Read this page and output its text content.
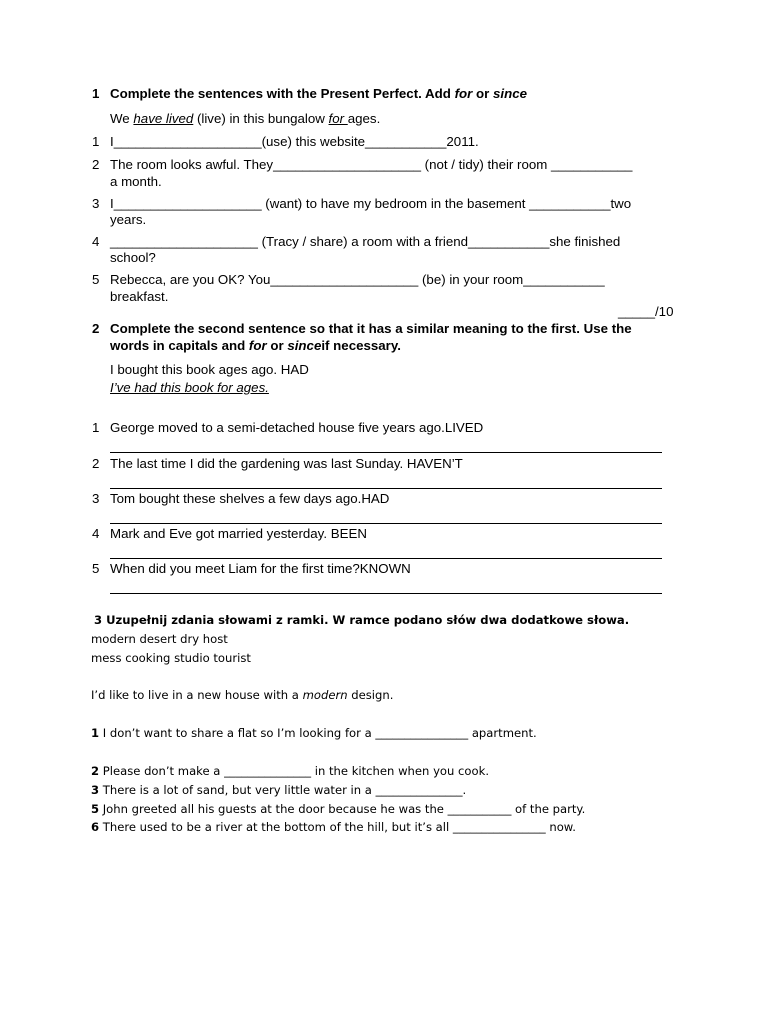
1 Complete the sentences with the Present Perfect. Add for or since
We have lived (live) in this bungalow for ages.
1 I____________________(use) this website___________2011.
2 The room looks awful. They____________________ (not / tidy) their room ___________
a month.
3 I____________________ (want) to have my bedroom in the basement ___________two
years.
4 ____________________ (Tracy / share) a room with a friend___________she finished
school?
5 Rebecca, are you OK? You____________________ (be) in your room___________
breakfast.
_____/10
2 Complete the second sentence so that it has a similar meaning to the first. Use the
words in capitals and for or sinceif necessary.
I bought this book ages ago. HAD
I’ve had this book for ages.
1 George moved to a semi-detached house five years ago.LIVED
2 The last time I did the gardening was last Sunday. HAVEN’T
3 Tom bought these shelves a few days ago.HAD
4 Mark and Eve got married yesterday. BEEN
5 When did you meet Liam for the first time?KNOWN
3 Uzupełnij zdania słowami z ramki. W ramce podano słów dwa dodatkowe słowa.
modern desert dry host
mess cooking studio tourist
I’d like to live in a new house with a modern design.
1 I don’t want to share a flat so I’m looking for a ________________ apartment.
2 Please don’t make a _______________ in the kitchen when you cook.
3 There is a lot of sand, but very little water in a _______________.
5 John greeted all his guests at the door because he was the ___________ of the party.
6 There used to be a river at the bottom of the hill, but it’s all ________________ now.
